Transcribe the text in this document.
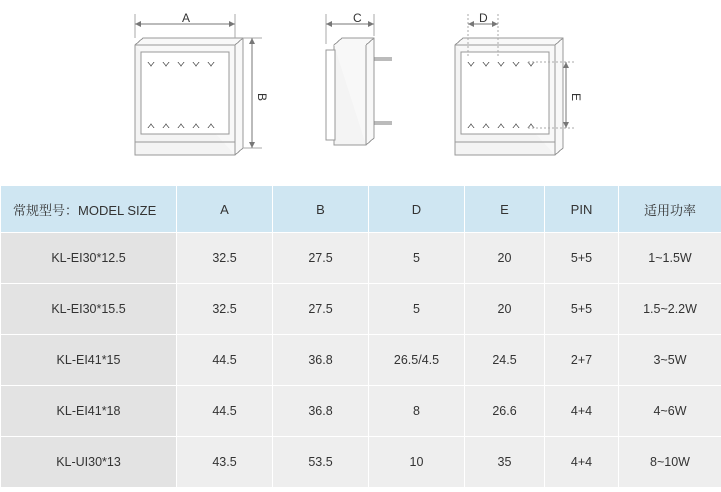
A	C	D
B	E
常规型号：MODEL SIZE	A	B	D	E	PIN	适用功率
KL-EI30*12.5	32.5	27.5	5	20	5+5	1~1.5W
KL-EI30*15.5	32.5	27.5	5	20	5+5	1.5~2.2W
KL-EI41*15	44.5	36.8	26.5/4.5	24.5	2+7	3~5W
KL-EI41*18	44.5	36.8	8	26.6	4+4	4~6W
KL-UI30*13	43.5	53.5	10	35	4+4	8~10W
